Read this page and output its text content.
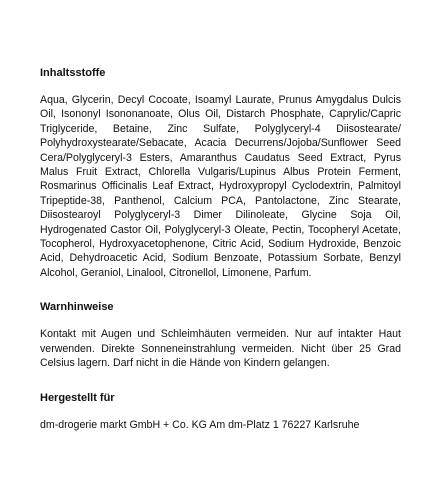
Inhaltsstoffe

Aqua, Glycerin, Decyl Cocoate, Isoamyl Laurate, Prunus Amygdalus Dulcis Oil, Isononyl Isononanoate, Olus Oil, Distarch Phosphate, Caprylic/Capric Triglyceride, Betaine, Zinc Sulfate, Polyglyceryl-4 Diisostearate/ Polyhydroxystearate/Sebacate, Acacia Decurrens/Jojoba/Sunflower Seed Cera/Polyglyceryl-3 Esters, Amaranthus Caudatus Seed Extract, Pyrus Malus Fruit Extract, Chlorella Vulgaris/Lupinus Albus Protein Ferment, Rosmarinus Officinalis Leaf Extract, Hydroxypropyl Cyclodextrin, Palmitoyl Tripeptide-38, Panthenol, Calcium PCA, Pantolactone, Zinc Stearate, Diisostearoyl Polyglyceryl-3 Dimer Dilinoleate, Glycine Soja Oil, Hydrogenated Castor Oil, Polyglyceryl-3 Oleate, Pectin, Tocopheryl Acetate, Tocopherol, Hydroxyacetophenone, Citric Acid, Sodium Hydroxide, Benzoic Acid, Dehydroacetic Acid, Sodium Benzoate, Potassium Sorbate, Benzyl Alcohol, Geraniol, Linalool, Citronellol, Limonene, Parfum.

Warnhinweise

Kontakt mit Augen und Schleimhäuten vermeiden. Nur auf intakter Haut verwenden. Direkte Sonneneinstrahlung vermeiden. Nicht über 25 Grad Celsius lagern. Darf nicht in die Hände von Kindern gelangen.

Hergestellt für

dm-drogerie markt GmbH + Co. KG Am dm-Platz 1 76227 Karlsruhe
